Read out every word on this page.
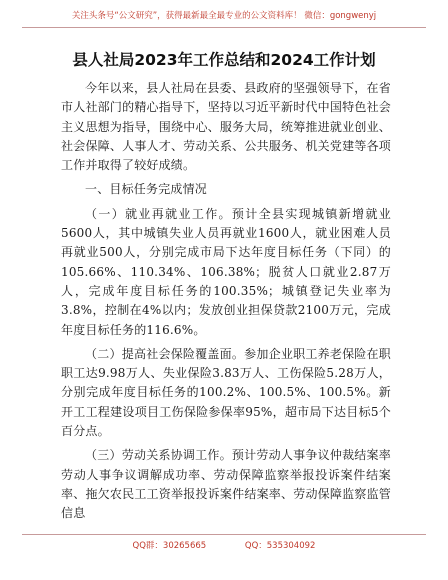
关注头条号“公文研究”，获得最新最全最专业的公文资料库！ 微信：gongwenyj
县人社局2023年工作总结和2024工作计划

今年以来，县人社局在县委、县政府的坚强领导下，在省市人社部门的精心指导下，坚持以习近平新时代中国特色社会主义思想为指导，围绕中心、服务大局，统筹推进就业创业、社会保障、人事人才、劳动关系、公共服务、机关党建等各项工作并取得了较好成绩。

一、目标任务完成情况

（一）就业再就业工作。预计全县实现城镇新增就业5600人，其中城镇失业人员再就业1600人，就业困难人员再就业500人，分别完成市局下达年度目标任务（下同）的105.66%、110.34%、106.38%；脱贫人口就业2.87万人，完成年度目标任务的100.35%；城镇登记失业率为3.8%，控制在4%以内；发放创业担保贷款2100万元，完成年度目标任务的116.6%。

（二）提高社会保险覆盖面。参加企业职工养老保险在职职工达9.98万人、失业保险3.83万人、工伤保险5.28万人，分别完成年度目标任务的100.2%、100.5%、100.5%。新开工工程建设项目工伤保险参保率95%，超市局下达目标5个百分点。

（三）劳动关系协调工作。预计劳动人事争议仲裁结案率劳动人事争议调解成功率、劳动保障监察举报投诉案件结案率、拖欠农民工工资举报投诉案件结案率、劳动保障监察监管信息

QQ群：30265665	QQ：535304092
